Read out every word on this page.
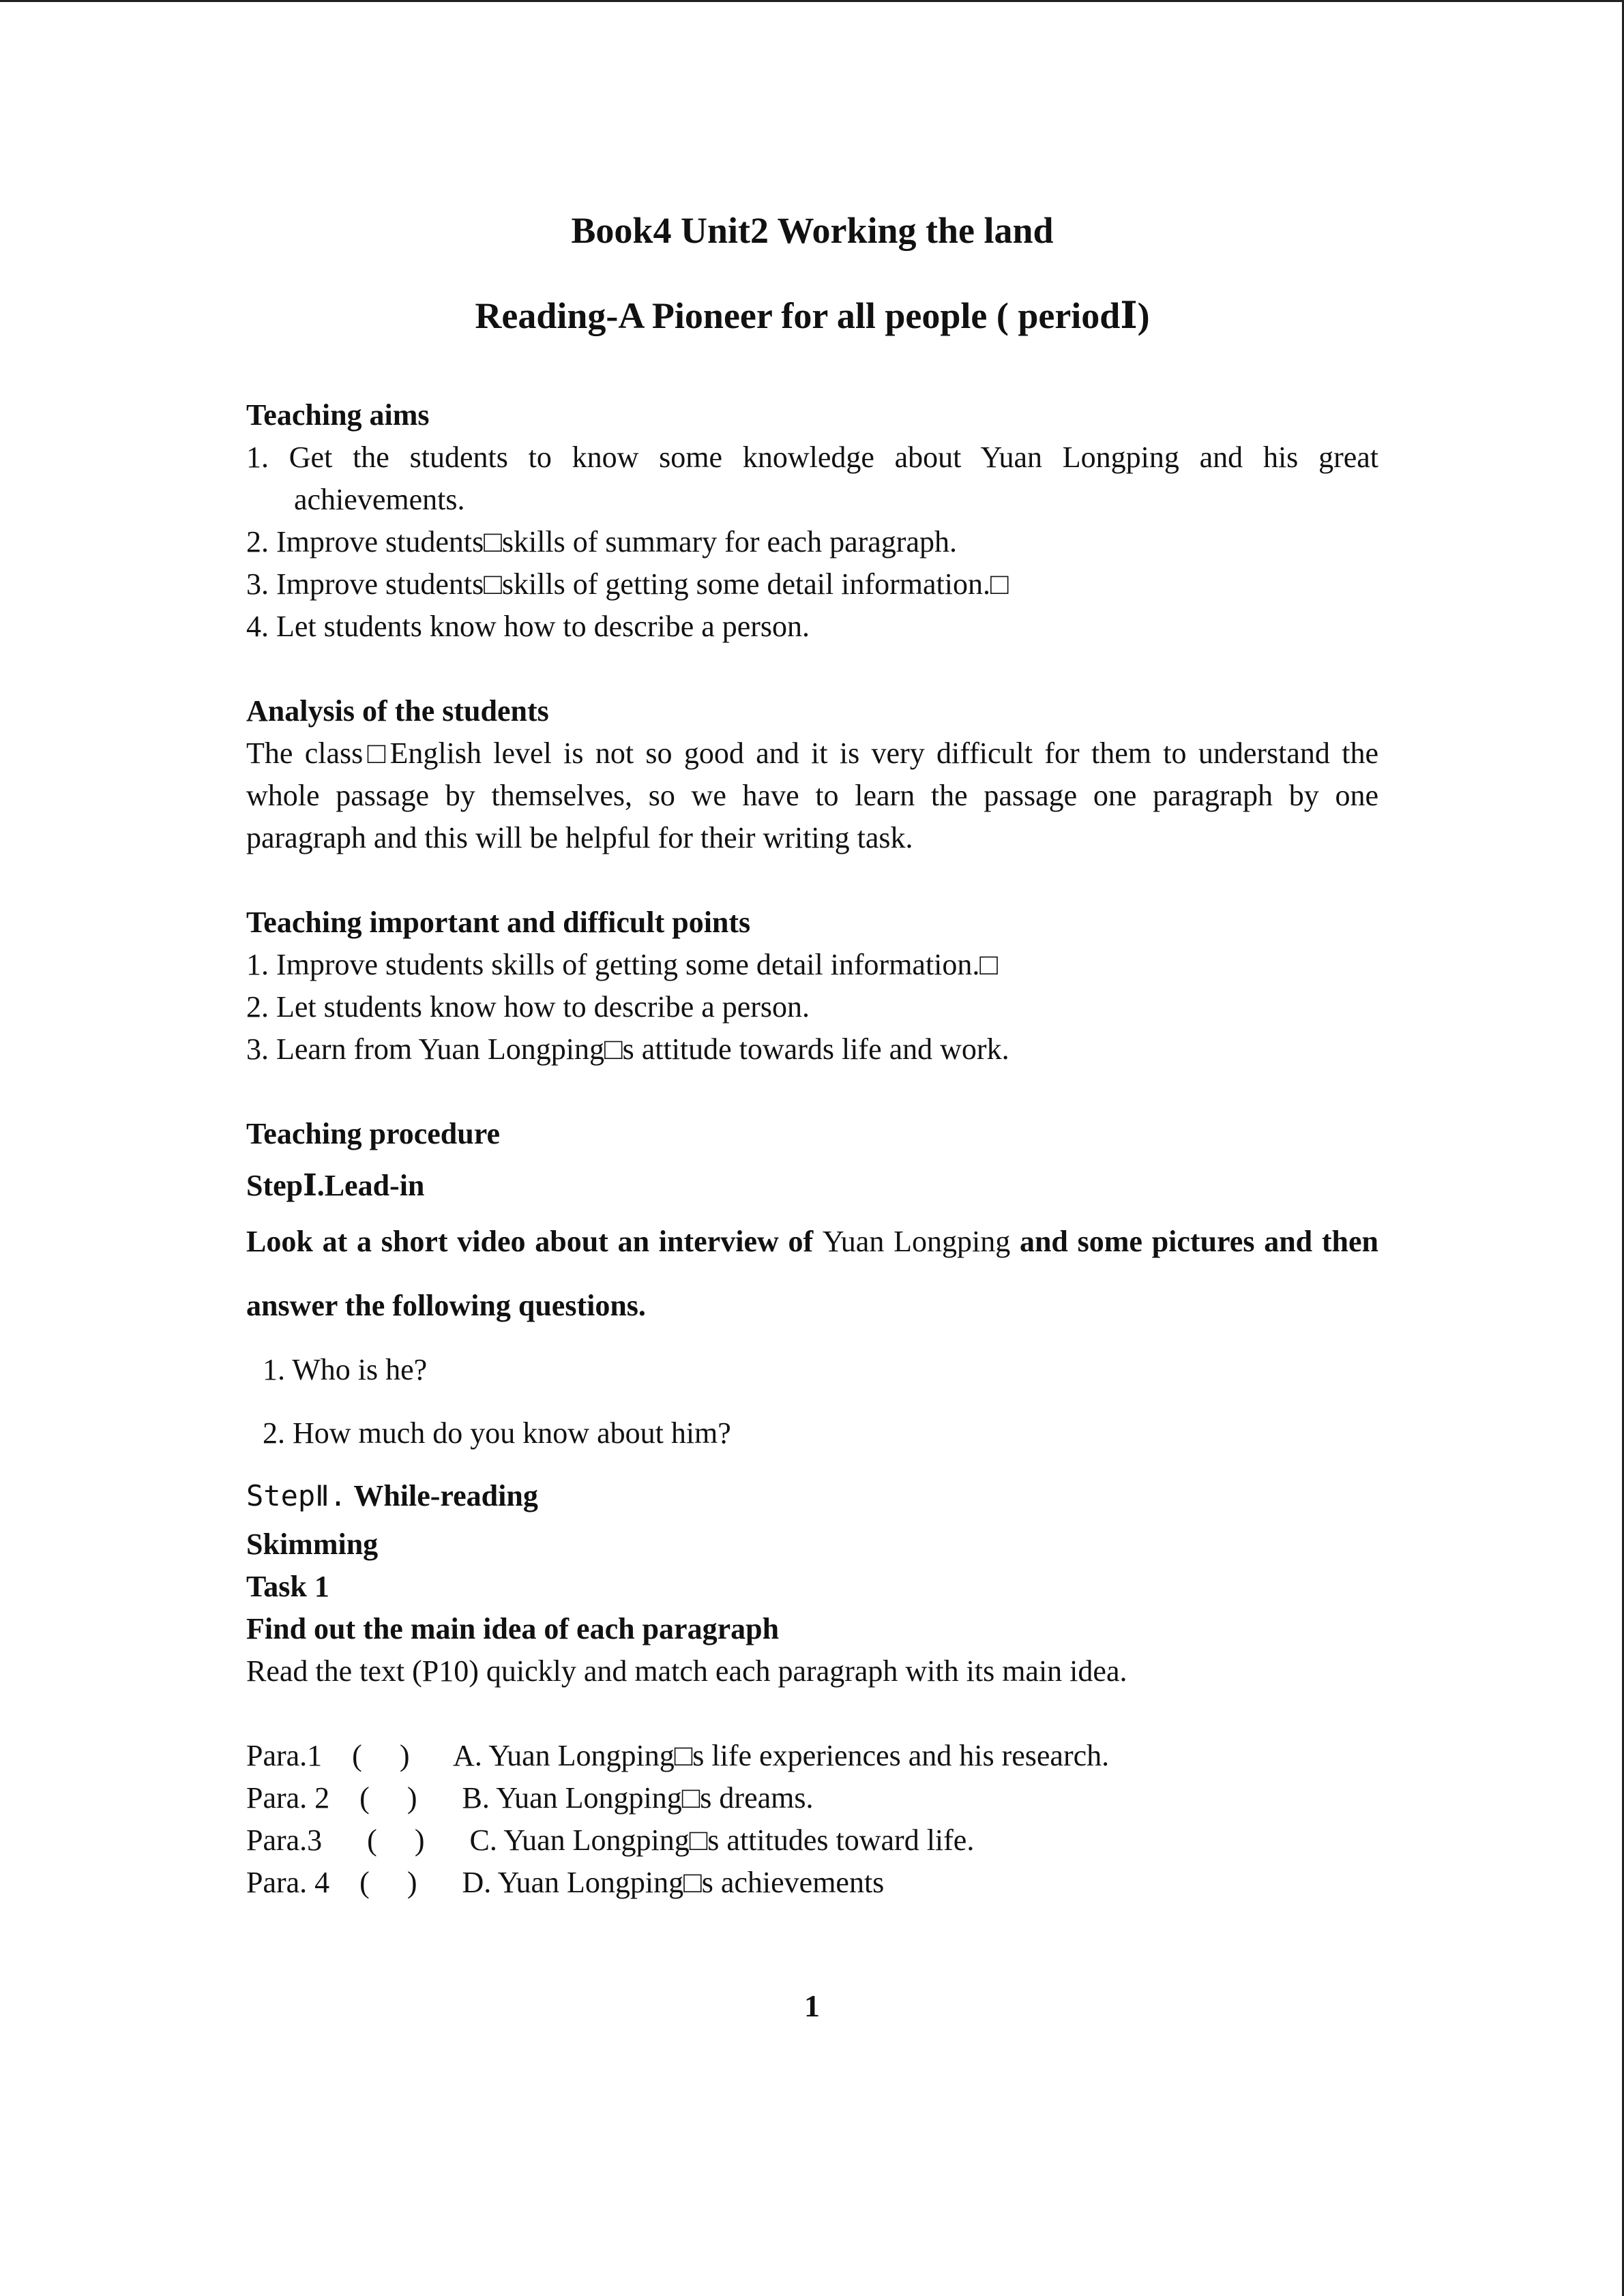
Book4 Unit2 Working the land
Reading-A Pioneer for all people ( periodⅠ)

Teaching aims

1. Get the students to know some knowledge about Yuan Longping and his great achievements.

2. Improve students□skills of summary for each paragraph.

3. Improve students□skills of getting some detail information.□

4. Let students know how to describe a person.

Analysis of the students

The class□English level is not so good and it is very difficult for them to understand the whole passage by themselves, so we have to learn the passage one paragraph by one paragraph and this will be helpful for their writing task.

Teaching important and difficult points

1. Improve students skills of getting some detail information.□

2. Let students know how to describe a person.

3. Learn from Yuan Longping□s attitude towards life and work.

Teaching procedure

StepⅠ.Lead-in

Look at a short video about an interview of Yuan Longping and some pictures and then answer the following questions.

1. Who is he?

2. How much do you know about him?

StepⅡ. While-reading

Skimming

Task 1

Find out the main idea of each paragraph

Read the text (P10) quickly and match each paragraph with its main idea.

Para.1    (     )      A. Yuan Longping□s life experiences and his research.

Para. 2    (     )      B. Yuan Longping□s dreams.

Para.3      (     )      C. Yuan Longping□s attitudes toward life.

Para. 4    (     )      D. Yuan Longping□s achievements

1
